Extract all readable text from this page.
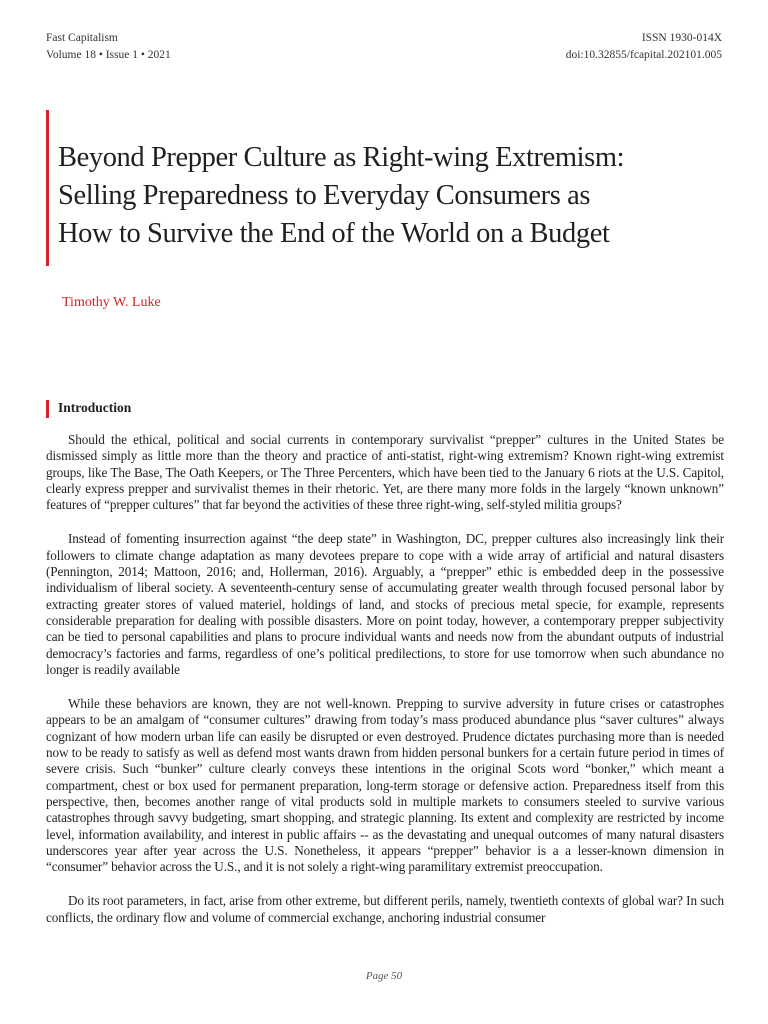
Fast Capitalism
Volume 18 • Issue 1 • 2021
ISSN 1930-014X
doi:10.32855/fcapital.202101.005
Beyond Prepper Culture as Right-wing Extremism:
Selling Preparedness to Everyday Consumers as
How to Survive the End of the World on a Budget
Timothy W. Luke
Introduction

Should the ethical, political and social currents in contemporary survivalist “prepper” cultures in the United States be dismissed simply as little more than the theory and practice of anti-statist, right-wing extremism? Known right-wing extremist groups, like The Base, The Oath Keepers, or The Three Percenters, which have been tied to the January 6 riots at the U.S. Capitol, clearly express prepper and survivalist themes in their rhetoric. Yet, are there many more folds in the largely “known unknown” features of “prepper cultures” that far beyond the activities of these three right-wing, self-styled militia groups?

Instead of fomenting insurrection against “the deep state” in Washington, DC, prepper cultures also increasingly link their followers to climate change adaptation as many devotees prepare to cope with a wide array of artificial and natural disasters (Pennington, 2014; Mattoon, 2016; and, Hollerman, 2016). Arguably, a “prepper” ethic is embedded deep in the possessive individualism of liberal society. A seventeenth-century sense of accumulating greater wealth through focused personal labor by extracting greater stores of valued materiel, holdings of land, and stocks of precious metal specie, for example, represents considerable preparation for dealing with possible disasters. More on point today, however, a contemporary prepper subjectivity can be tied to personal capabilities and plans to procure individual wants and needs now from the abundant outputs of industrial democracy’s factories and farms, regardless of one’s political predilections, to store for use tomorrow when such abundance no longer is readily available

While these behaviors are known, they are not well-known. Prepping to survive adversity in future crises or catastrophes appears to be an amalgam of “consumer cultures” drawing from today’s mass produced abundance plus “saver cultures” always cognizant of how modern urban life can easily be disrupted or even destroyed. Prudence dictates purchasing more than is needed now to be ready to satisfy as well as defend most wants drawn from hidden personal bunkers for a certain future period in times of severe crisis. Such “bunker” culture clearly conveys these intentions in the original Scots word “bonker,” which meant a compartment, chest or box used for permanent preparation, long-term storage or defensive action. Preparedness itself from this perspective, then, becomes another range of vital products sold in multiple markets to consumers steeled to survive various catastrophes through savvy budgeting, smart shopping, and strategic planning. Its extent and complexity are restricted by income level, information availability, and interest in public affairs -- as the devastating and unequal outcomes of many natural disasters underscores year after year across the U.S. Nonetheless, it appears “prepper” behavior is a a lesser-known dimension in “consumer” behavior across the U.S., and it is not solely a right-wing paramilitary extremist preoccupation.

Do its root parameters, in fact, arise from other extreme, but different perils, namely, twentieth contexts of global war? In such conflicts, the ordinary flow and volume of commercial exchange, anchoring industrial consumer

Page 50
